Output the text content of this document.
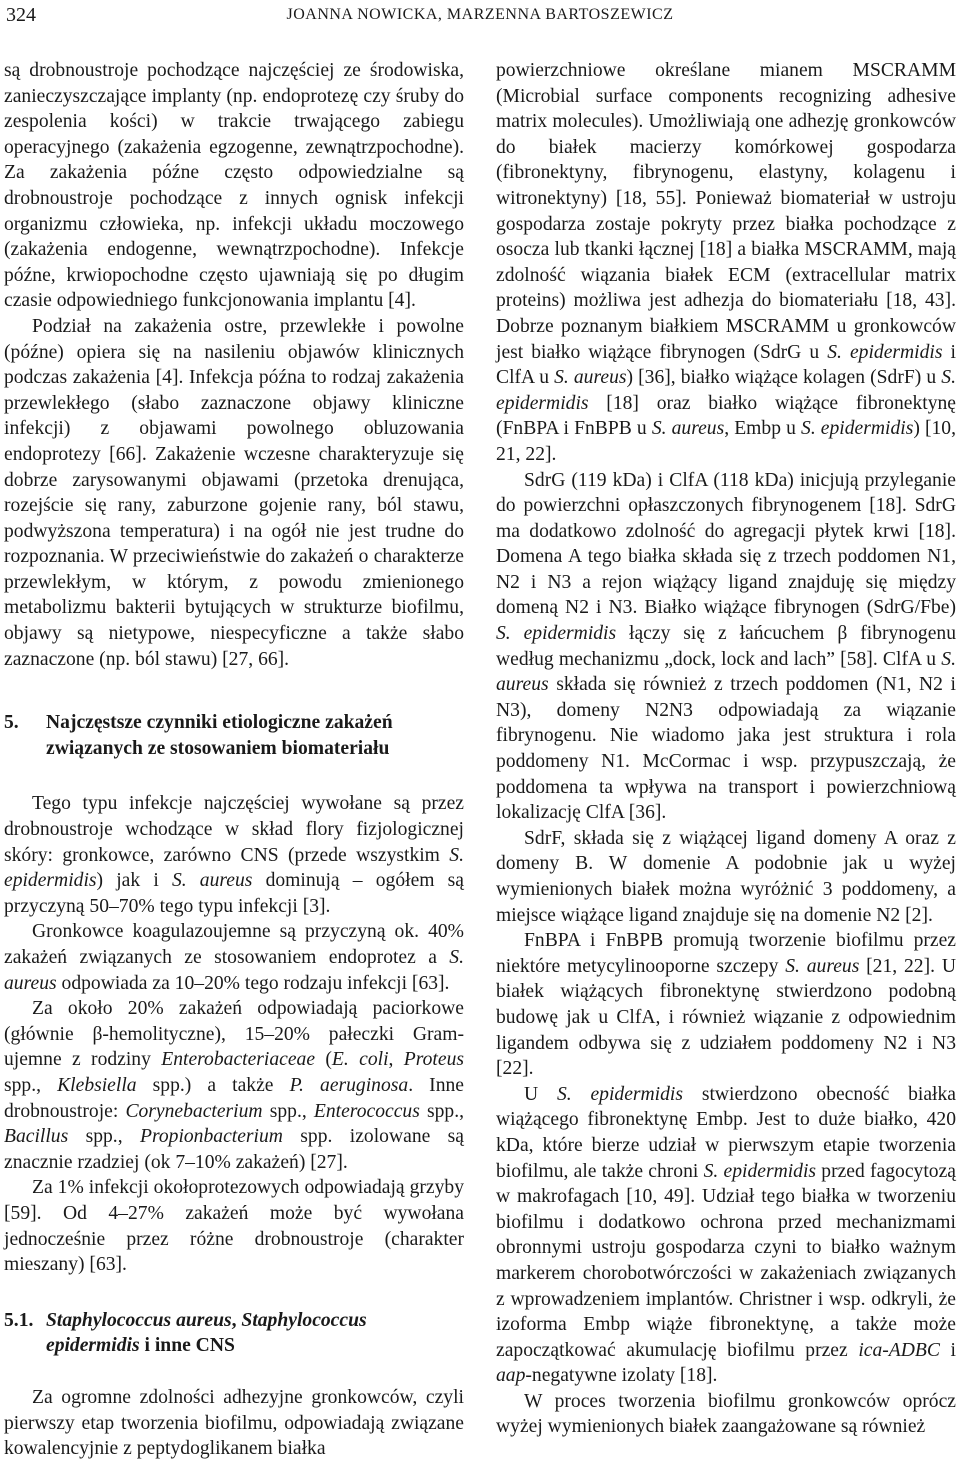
324	JOANNA NOWICKA, MARZENNA BARTOSZEWICZ

są drobnoustroje pochodzące najczęściej ze środowiska, zanieczyszczające implanty (np. endoprotezę czy śruby do zespolenia kości) w trakcie trwającego zabiegu operacyjnego (zakażenia egzogenne, zewnątrzpochodne). Za zakażenia późne często odpowiedzialne są drobnoustroje pochodzące z innych ognisk infekcji organizmu człowieka, np. infekcji układu moczowego (zakażenia endogenne, wewnątrzpochodne). Infekcje późne, krwiopochodne często ujawniają się po długim czasie odpowiedniego funkcjonowania implantu [4].

Podział na zakażenia ostre, przewlekłe i powolne (późne) opiera się na nasileniu objawów klinicznych podczas zakażenia [4]. Infekcja późna to rodzaj zakażenia przewlekłego (słabo zaznaczone objawy kliniczne infekcji) z objawami powolnego obluzowania endoprotezy [66]. Zakażenie wczesne charakteryzuje się dobrze zarysowanymi objawami (przetoka drenująca, rozejście się rany, zaburzone gojenie rany, ból stawu, podwyższona temperatura) i na ogół nie jest trudne do rozpoznania. W przeciwieństwie do zakażeń o charakterze przewlekłym, w którym, z powodu zmienionego metabolizmu bakterii bytujących w strukturze biofilmu, objawy są nietypowe, niespecyficzne a także słabo zaznaczone (np. ból stawu) [27, 66].

5. Najczęstsze czynniki etiologiczne zakażeń związanych ze stosowaniem biomateriału

Tego typu infekcje najczęściej wywołane są przez drobnoustroje wchodzące w skład flory fizjologicznej skóry: gronkowce, zarówno CNS (przede wszystkim S. epidermidis) jak i S. aureus dominują – ogółem są przyczyną 50–70% tego typu infekcji [3].

Gronkowce koagulazoujemne są przyczyną ok. 40% zakażeń związanych ze stosowaniem endoprotez a S. aureus odpowiada za 10–20% tego rodzaju infekcji [63].

Za około 20% zakażeń odpowiadają paciorkowe (głównie β-hemolityczne), 15–20% pałeczki Gram-ujemne z rodziny Enterobacteriaceae (E. coli, Proteus spp., Klebsiella spp.) a także P. aeruginosa. Inne drobnoustroje: Corynebacterium spp., Enterococcus spp., Bacillus spp., Propionbacterium spp. izolowane są znacznie rzadziej (ok 7–10% zakażeń) [27].

Za 1% infekcji okołoprotezowych odpowiadają grzyby [59]. Od 4–27% zakażeń może być wywołana jednocześnie przez różne drobnoustroje (charakter mieszany) [63].

5.1. Staphylococcus aureus, Staphylococcus epidermidis i inne CNS

Za ogromne zdolności adhezyjne gronkowców, czyli pierwszy etap tworzenia biofilmu, odpowiadają związane kowalencyjnie z peptydoglikanem białka

powierzchniowe określane mianem MSCRAMM (Microbial surface components recognizing adhesive matrix molecules). Umożliwiają one adhezję gronkowców do białek macierzy komórkowej gospodarza (fibronektyny, fibrynogenu, elastyny, kolagenu i witronektyny) [18, 55]. Ponieważ biomateriał w ustroju gospodarza zostaje pokryty przez białka pochodzące z osocza lub tkanki łącznej [18] a białka MSCRAMM, mają zdolność wiązania białek ECM (extracellular matrix proteins) możliwa jest adhezja do biomateriału [18, 43]. Dobrze poznanym białkiem MSCRAMM u gronkowców jest białko wiążące fibrynogen (SdrG u S. epidermidis i ClfA u S. aureus) [36], białko wiążące kolagen (SdrF) u S. epidermidis [18] oraz białko wiążące fibronektynę (FnBPA i FnBPB u S. aureus, Embp u S. epidermidis) [10, 21, 22].

SdrG (119 kDa) i ClfA (118 kDa) inicjują przyleganie do powierzchni opłaszczonych fibrynogenem [18]. SdrG ma dodatkowo zdolność do agregacji płytek krwi [18]. Domena A tego białka składa się z trzech poddomen N1, N2 i N3 a rejon wiążący ligand znajduję się między domeną N2 i N3. Białko wiążące fibrynogen (SdrG/Fbe) S. epidermidis łączy się z łańcuchem β fibrynogenu według mechanizmu „dock, lock and lach” [58]. ClfA u S. aureus składa się również z trzech poddomen (N1, N2 i N3), domeny N2N3 odpowiadają za wiązanie fibrynogenu. Nie wiadomo jaka jest struktura i rola poddomeny N1. McCormac i wsp. przypuszczają, że poddomena ta wpływa na transport i powierzchniową lokalizację ClfA [36].

SdrF, składa się z wiążącej ligand domeny A oraz z domeny B. W domenie A podobnie jak u wyżej wymienionych białek można wyróżnić 3 poddomeny, a miejsce wiążące ligand znajduje się na domenie N2 [2].

FnBPA i FnBPB promują tworzenie biofilmu przez niektóre metycylinooporne szczepy S. aureus [21, 22]. U białek wiążących fibronektynę stwierdzono podobną budowę jak u ClfA, i również wiązanie z odpowiednim ligandem odbywa się z udziałem poddomeny N2 i N3 [22].

U S. epidermidis stwierdzono obecność białka wiążącego fibronektynę Embp. Jest to duże białko, 420 kDa, które bierze udział w pierwszym etapie tworzenia biofilmu, ale także chroni S. epidermidis przed fagocytozą w makrofagach [10, 49]. Udział tego białka w tworzeniu biofilmu i dodatkowo ochrona przed mechanizmami obronnymi ustroju gospodarza czyni to białko ważnym markerem chorobotwórczości w zakażeniach związanych z wprowadzeniem implantów. Christner i wsp. odkryli, że izoforma Embp wiąże fibronektynę, a także może zapoczątkować akumulację biofilmu przez ica-ADBC i aap-negatywne izolaty [18].

W proces tworzenia biofilmu gronkowców oprócz wyżej wymienionych białek zaangażowane są również
